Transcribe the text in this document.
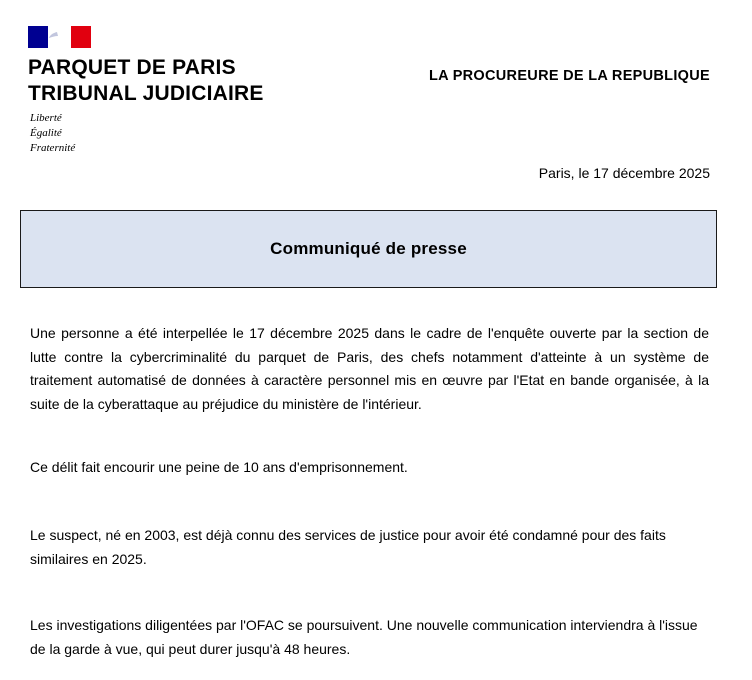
PARQUET DE PARIS
TRIBUNAL JUDICIAIRE
Liberté
Égalité
Fraternité
LA PROCUREURE DE LA REPUBLIQUE
Paris, le 17 décembre 2025
Communiqué de presse

Une personne a été interpellée le 17 décembre 2025 dans le cadre de l'enquête ouverte par la section de lutte contre la cybercriminalité du parquet de Paris, des chefs notamment d'atteinte à un système de traitement automatisé de données à caractère personnel mis en œuvre par l'Etat en bande organisée, à la suite de la cyberattaque au préjudice du ministère de l'intérieur.

Ce délit fait encourir une peine de 10 ans d'emprisonnement.

Le suspect, né en 2003, est déjà connu des services de justice pour avoir été condamné pour des faits similaires en 2025.

Les investigations diligentées par l'OFAC se poursuivent. Une nouvelle communication interviendra à l'issue de la garde à vue, qui peut durer jusqu'à 48 heures.
